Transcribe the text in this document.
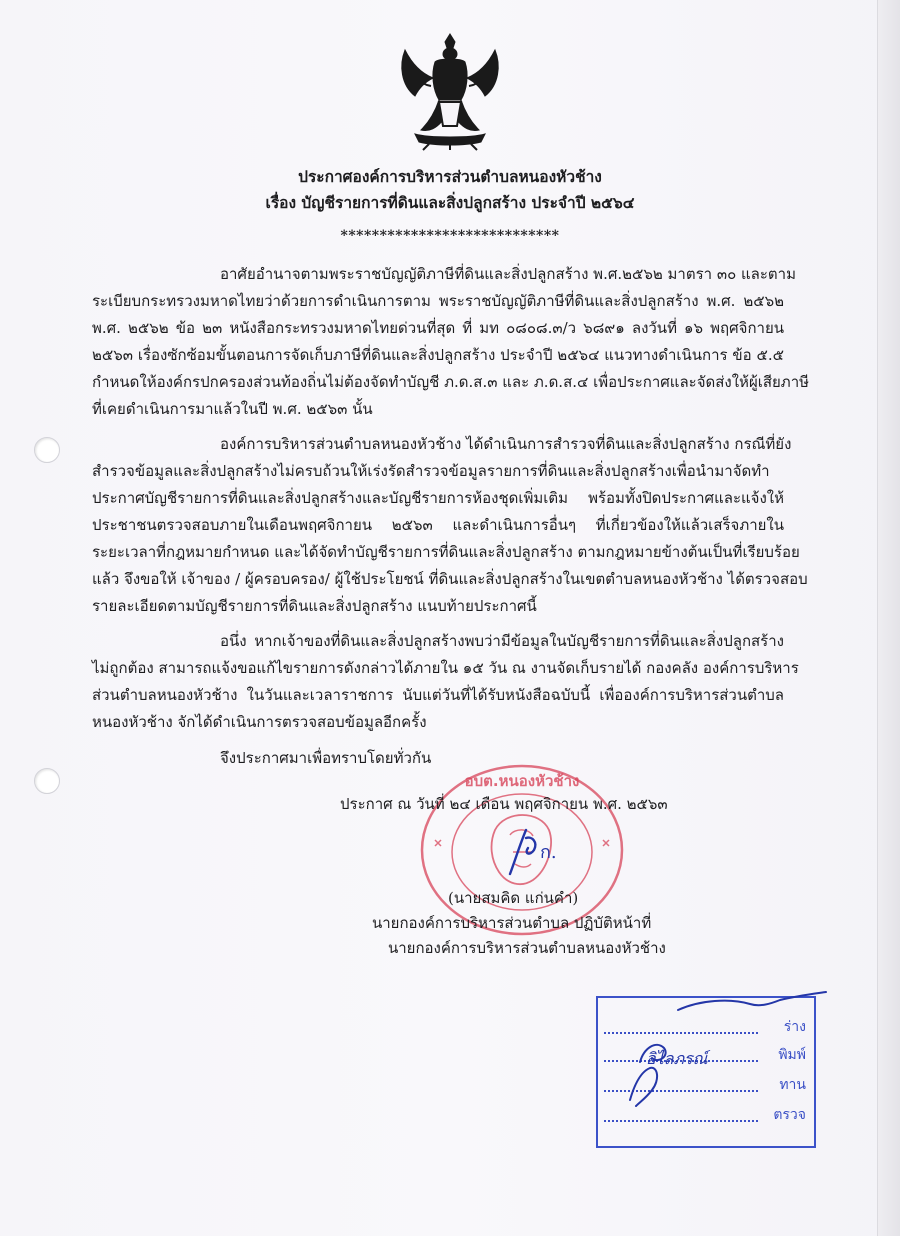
ประกาศองค์การบริหารส่วนตำบลหนองหัวช้าง
เรื่อง บัญชีรายการที่ดินและสิ่งปลูกสร้าง ประจำปี ๒๕๖๔
****************************
อาศัยอำนาจตามพระราชบัญญัติภาษีที่ดินและสิ่งปลูกสร้าง พ.ศ.๒๕๖๒ มาตรา ๓๐ และตาม
ระเบียบกระทรวงมหาดไทยว่าด้วยการดำเนินการตาม พระราชบัญญัติภาษีที่ดินและสิ่งปลูกสร้าง พ.ศ. ๒๕๖๒
พ.ศ. ๒๕๖๒ ข้อ ๒๓ หนังสือกระทรวงมหาดไทยด่วนที่สุด ที่ มท ๐๘๐๘.๓/ว ๖๘๙๑ ลงวันที่ ๑๖ พฤศจิกายน
๒๕๖๓ เรื่องซักซ้อมขั้นตอนการจัดเก็บภาษีที่ดินและสิ่งปลูกสร้าง ประจำปี ๒๕๖๔ แนวทางดำเนินการ ข้อ ๕.๕
กำหนดให้องค์กรปกครองส่วนท้องถิ่นไม่ต้องจัดทำบัญชี ภ.ด.ส.๓ และ ภ.ด.ส.๔ เพื่อประกาศและจัดส่งให้ผู้เสียภาษี
ที่เคยดำเนินการมาแล้วในปี พ.ศ. ๒๕๖๓ นั้น
องค์การบริหารส่วนตำบลหนองหัวช้าง ได้ดำเนินการสำรวจที่ดินและสิ่งปลูกสร้าง กรณีที่ยัง
สำรวจข้อมูลและสิ่งปลูกสร้างไม่ครบถ้วนให้เร่งรัดสำรวจข้อมูลรายการที่ดินและสิ่งปลูกสร้างเพื่อนำมาจัดทำ
ประกาศบัญชีรายการที่ดินและสิ่งปลูกสร้างและบัญชีรายการห้องชุดเพิ่มเติม พร้อมทั้งปิดประกาศและแจ้งให้
ประชาชนตรวจสอบภายในเดือนพฤศจิกายน ๒๕๖๓ และดำเนินการอื่นๆ ที่เกี่ยวข้องให้แล้วเสร็จภายใน
ระยะเวลาที่กฎหมายกำหนด และได้จัดทำบัญชีรายการที่ดินและสิ่งปลูกสร้าง ตามกฎหมายข้างต้นเป็นที่เรียบร้อย
แล้ว จึงขอให้ เจ้าของ / ผู้ครอบครอง/ ผู้ใช้ประโยชน์ ที่ดินและสิ่งปลูกสร้างในเขตตำบลหนองหัวช้าง ได้ตรวจสอบ
รายละเอียดตามบัญชีรายการที่ดินและสิ่งปลูกสร้าง แนบท้ายประกาศนี้
อนึ่ง หากเจ้าของที่ดินและสิ่งปลูกสร้างพบว่ามีข้อมูลในบัญชีรายการที่ดินและสิ่งปลูกสร้าง
ไม่ถูกต้อง สามารถแจ้งขอแก้ไขรายการดังกล่าวได้ภายใน ๑๕ วัน ณ งานจัดเก็บรายได้ กองคลัง องค์การบริหาร
ส่วนตำบลหนองหัวช้าง ในวันและเวลาราชการ นับแต่วันที่ได้รับหนังสือฉบับนี้ เพื่อองค์การบริหารส่วนตำบล
หนองหัวช้าง จักได้ดำเนินการตรวจสอบข้อมูลอีกครั้ง
จึงประกาศมาเพื่อทราบโดยทั่วกัน
อบต.หนองหัวช้าง
ประกาศ ณ วันที่ ๒๔ เดือน พฤศจิกายน พ.ศ. ๒๕๖๓
ก.
(นายสมคิด แก่นคำ)
นายกองค์การบริหารส่วนตำบล ปฏิบัติหน้าที่
นายกองค์การบริหารส่วนตำบลหนองหัวช้าง
ร่าง
พิมพ์
ทาน
ตรวจ
อิไลภรณ์
